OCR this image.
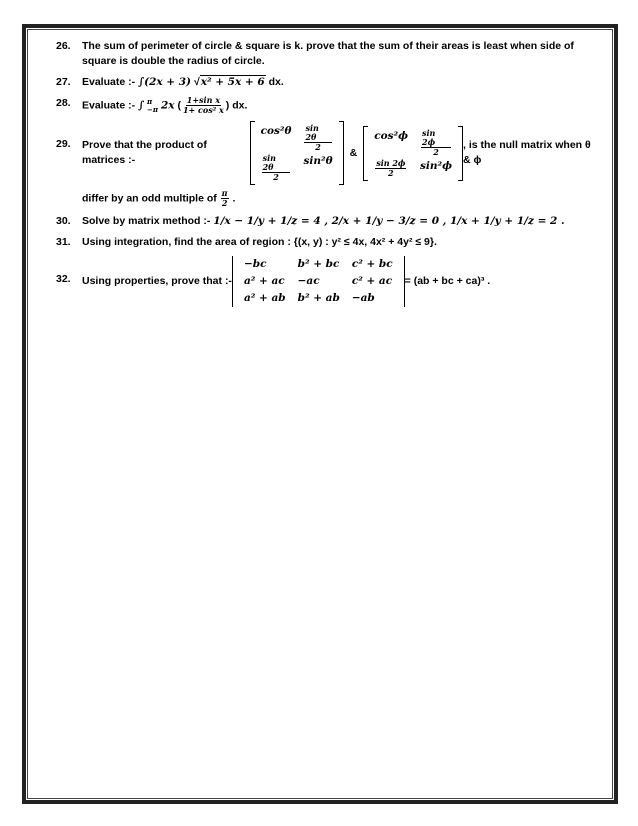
26.	The sum of perimeter of circle & square is k. prove that the sum of their areas is least when side of square is double the radius of circle.
27.	Evaluate :- ∫(2x + 3) √x² + 5x + 6 dx.
28.	Evaluate :- ∫ π
−π 2x ( $\frac{\text{1+sin x}}{\text{1+ cos² x}}$ ) dx.
29.	Prove that the product of matrices :-
cos²θ	$\frac{\sin 2\theta}{2}$
$\frac{\sin 2\theta}{2}$	sin²θ
&
cos²ϕ	$\frac{\sin 2\phi}{2}$
$\frac{\sin 2\phi}{2}$	sin²ϕ
, is the null matrix when θ & ϕ
differ by an odd multiple of $\frac{\pi}{2}$ .
30.	Solve by matrix method :- 1/x − 1/y + 1/z = 4 , 2/x + 1/y − 3/z = 0 , 1/x + 1/y + 1/z = 2 .
31.	Using integration, find the area of region : {(x, y) : y² ≤ 4x, 4x² + 4y² ≤ 9}.
32.	Using properties, prove that :-
−bc	b² + bc	c² + bc
a² + ac	−ac	c² + ac
a² + ab	b² + ab	−ab
= (ab + bc + ca)³ .
